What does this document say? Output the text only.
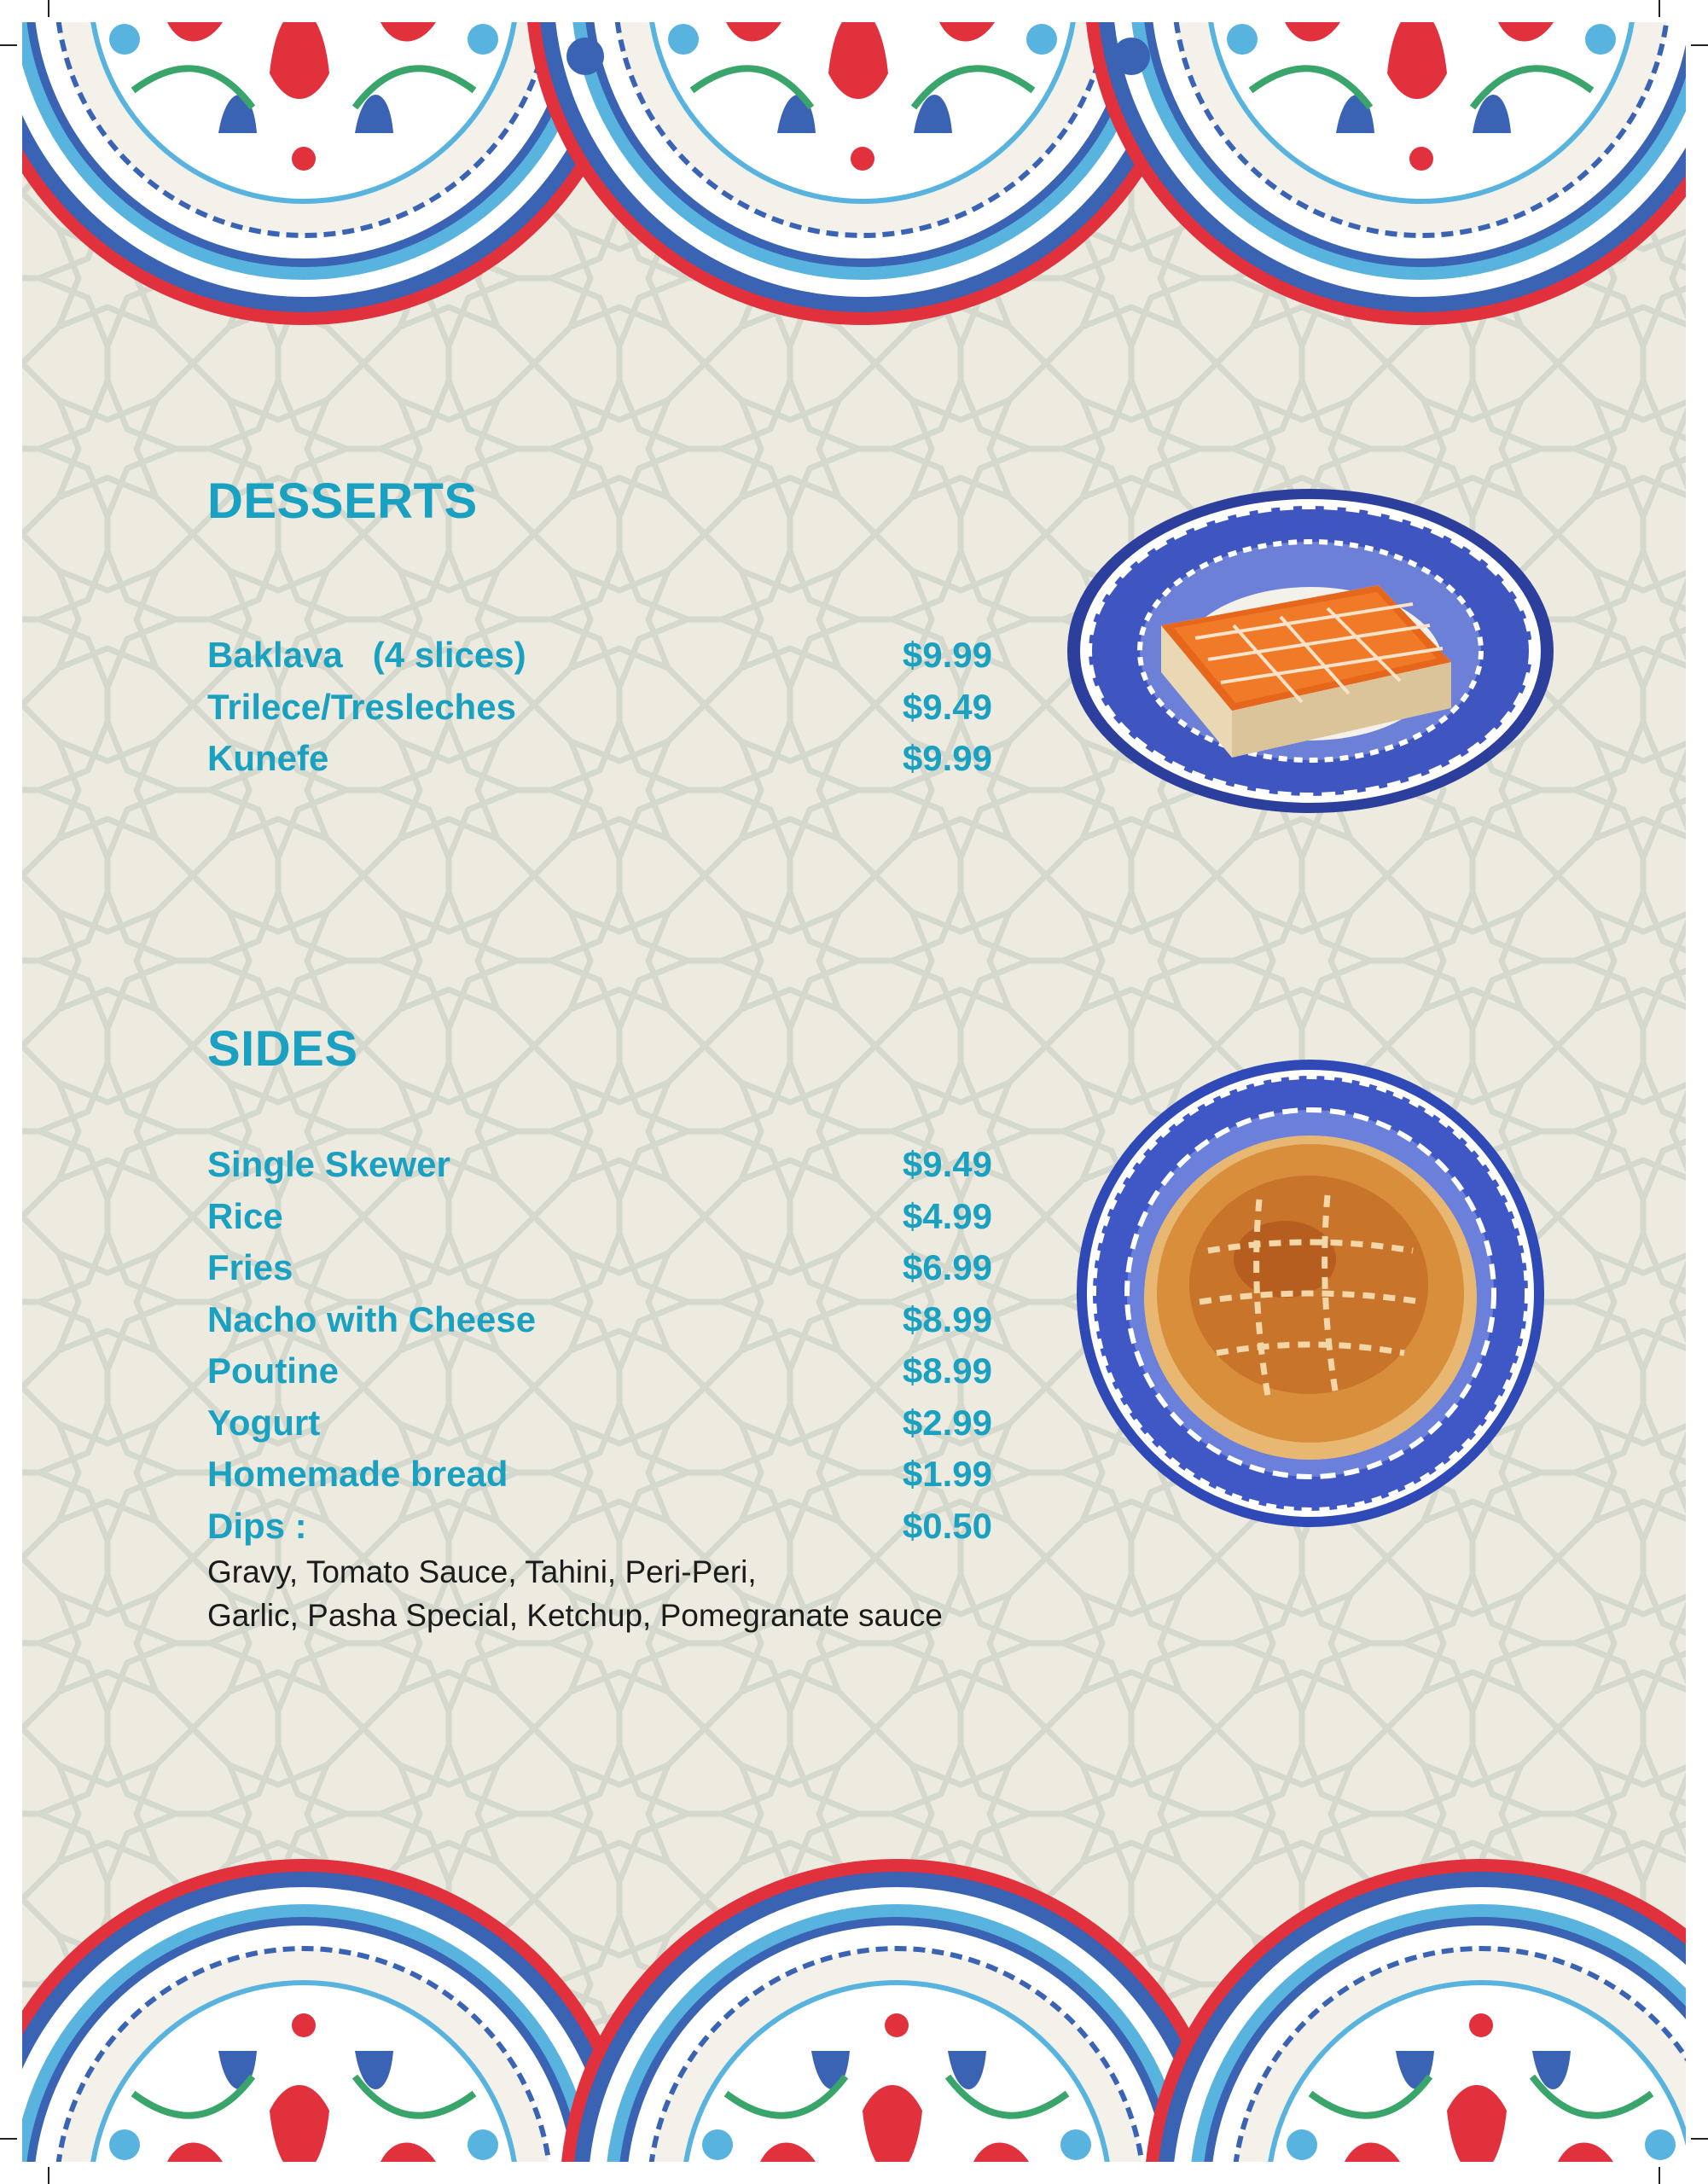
DESSERTS
Baklava   (4 slices)	$9.99
Trilece/Tresleches	$9.49
Kunefe	$9.99
SIDES
Single Skewer	$9.49
Rice	$4.99
Fries	$6.99
Nacho with Cheese	$8.99
Poutine	$8.99
Yogurt	$2.99
Homemade bread	$1.99
Dips :	$0.50
Gravy, Tomato Sauce, Tahini, Peri-Peri,
Garlic, Pasha Special, Ketchup, Pomegranate sauce
